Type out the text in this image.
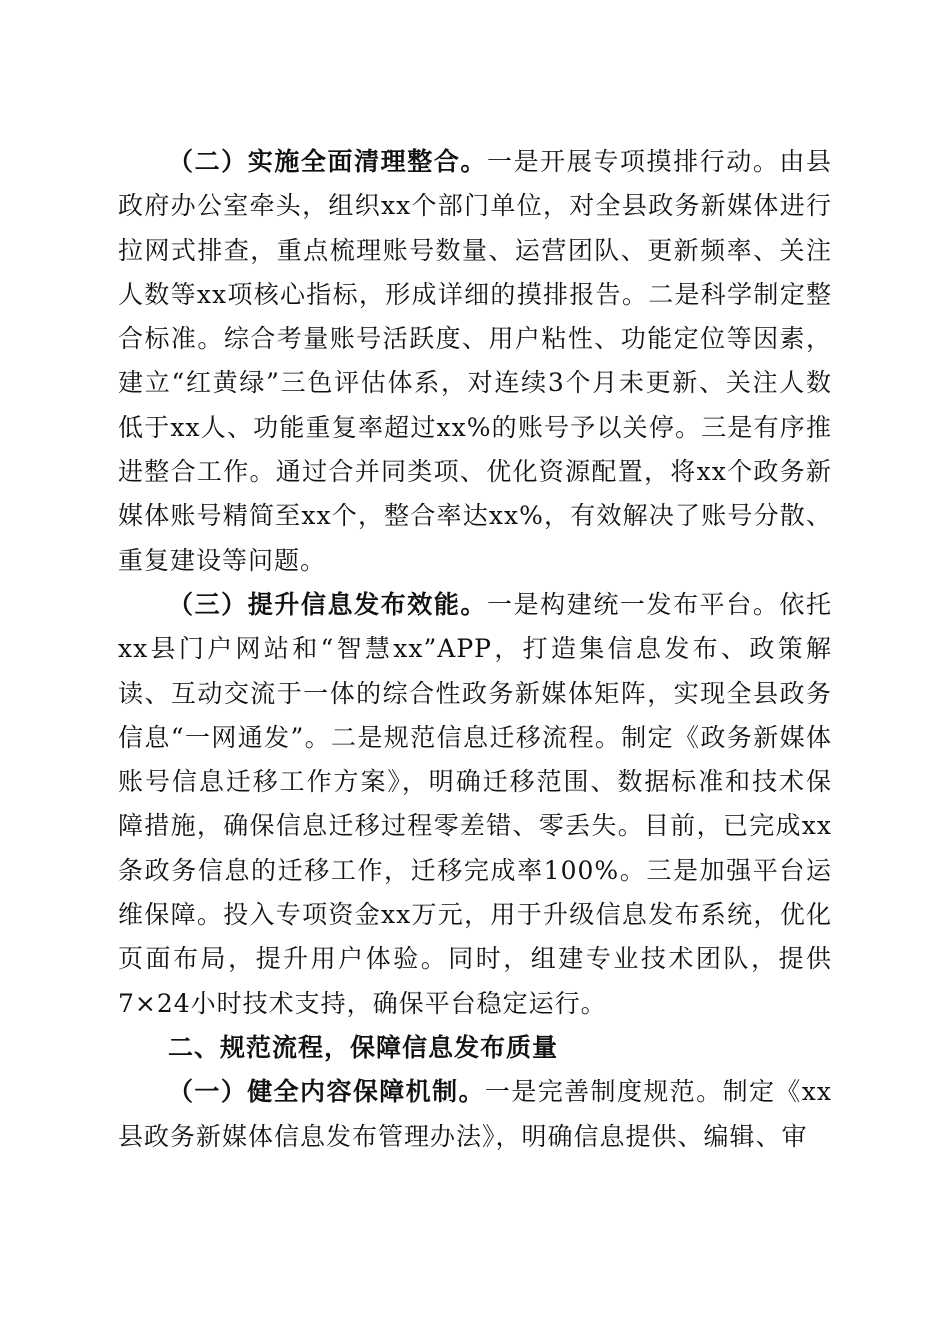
（二）实施全面清理整合。一是开展专项摸排行动。由县政府办公室牵头，组织xx个部门单位，对全县政务新媒体进行拉网式排查，重点梳理账号数量、运营团队、更新频率、关注人数等xx项核心指标，形成详细的摸排报告。二是科学制定整合标准。综合考量账号活跃度、用户粘性、功能定位等因素，建立“红黄绿”三色评估体系，对连续3个月未更新、关注人数低于xx人、功能重复率超过xx%的账号予以关停。三是有序推进整合工作。通过合并同类项、优化资源配置，将xx个政务新媒体账号精简至xx个，整合率达xx%，有效解决了账号分散、重复建设等问题。

（三）提升信息发布效能。一是构建统一发布平台。依托xx县门户网站和“智慧xx”APP，打造集信息发布、政策解读、互动交流于一体的综合性政务新媒体矩阵，实现全县政务信息“一网通发”。二是规范信息迁移流程。制定《政务新媒体账号信息迁移工作方案》，明确迁移范围、数据标准和技术保障措施，确保信息迁移过程零差错、零丢失。目前，已完成xx条政务信息的迁移工作，迁移完成率100%。三是加强平台运维保障。投入专项资金xx万元，用于升级信息发布系统，优化页面布局，提升用户体验。同时，组建专业技术团队，提供7×24小时技术支持，确保平台稳定运行。

二、规范流程，保障信息发布质量

（一）健全内容保障机制。一是完善制度规范。制定《xx县政务新媒体信息发布管理办法》，明确信息提供、编辑、审
